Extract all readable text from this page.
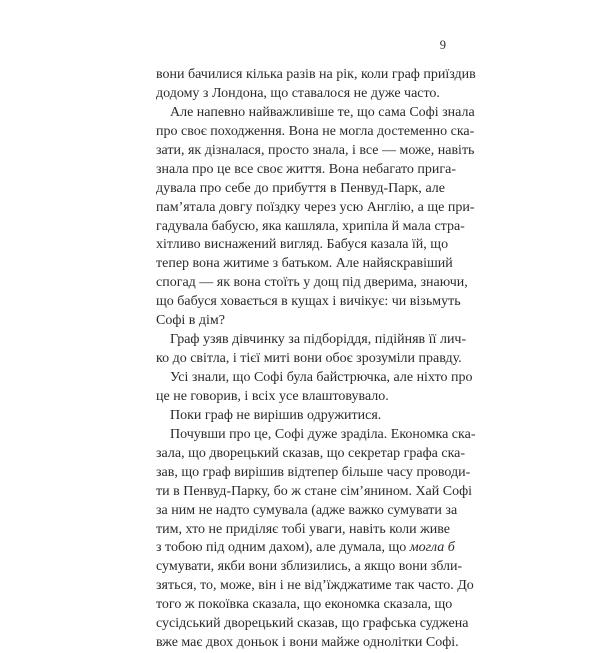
9

вони бачилися кілька разів на рік, коли граф приїздив
додому з Лондона, що ставалося не дуже часто.

Але напевно найважливіше те, що сама Софі знала
про своє походження. Вона не могла достеменно ска-
зати, як дізналася, просто знала, і все — може, навіть
знала про це все своє життя. Вона небагато прига-
дувала про себе до прибуття в Пенвуд-Парк, але
пам’ятала довгу поїздку через усю Англію, а ще при-
гадувала бабусю, яка кашляла, хрипіла й мала стра-
хітливо виснажений вигляд. Бабуся казала їй, що
тепер вона житиме з батьком. Але найяскравіший
спогад — як вона стоїть у дощ під дверима, знаючи,
що бабуся ховається в кущах і вичікує: чи візьмуть
Софі в дім?

Граф узяв дівчинку за підборіддя, підійняв її лич-
ко до світла, і тієї миті вони обоє зрозуміли правду.

Усі знали, що Софі була байстрючка, але ніхто про
це не говорив, і всіх усе влаштовувало.

Поки граф не вирішив одружитися.

Почувши про це, Софі дуже зраділа. Економка ска-
зала, що дворецький сказав, що секретар графа ска-
зав, що граф вирішив відтепер більше часу проводи-
ти в Пенвуд-Парку, бо ж стане сім’янином. Хай Софі
за ним не надто сумувала (адже важко сумувати за
тим, хто не приділяє тобі уваги, навіть коли живе
з тобою під одним дахом), але думала, що могла б
сумувати, якби вони зблизились, а якщо вони збли-
зяться, то, може, він і не від’їжджатиме так часто. До
того ж покоївка сказала, що економка сказала, що
сусідський дворецький сказав, що графська суджена
вже має двох доньок і вони майже однолітки Софі.
